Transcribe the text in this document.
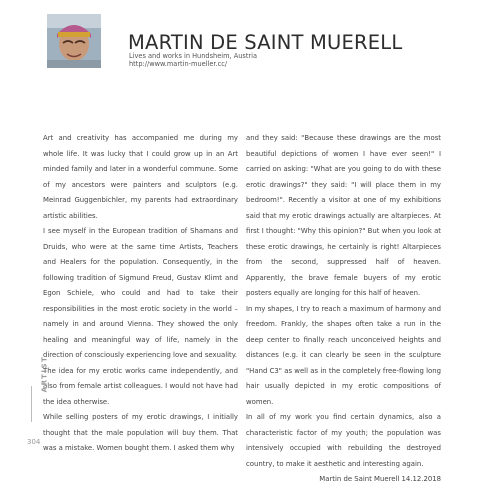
MARTIN DE SAINT MUERELL
Lives and works in Hundsheim, Austria
http://www.martin-mueller.cc/

Art and creativity has accompanied me during my whole life. It was lucky that I could grow up in an Art minded family and later in a wonderful commune. Some of my ancestors were painters and sculptors (e.g. Meinrad Guggenbichler, my parents had extraordinary artistic abilities.

I see myself in the European tradition of Shamans and Druids, who were at the same time Artists, Teachers and Healers for the population. Consequently, in the following tradition of Sigmund Freud, Gustav Klimt and Egon Schiele, who could and had to take their responsibilities in the most erotic society in the world – namely in and around Vienna. They showed the only healing and meaningful way of life, namely in the direction of consciously experiencing love and sexuality.

The idea for my erotic works came independently, and also from female artist colleagues. I would not have had the idea otherwise.

While selling posters of my erotic drawings, I initially thought that the male population will buy them. That was a mistake. Women bought them. I asked them why

and they said: "Because these drawings are the most beautiful depictions of women I have ever seen!" I carried on asking: "What are you going to do with these erotic drawings?" they said: "I will place them in my bedroom!". Recently a visitor at one of my exhibitions said that my erotic drawings actually are altarpieces. At first I thought: "Why this opinion?" But when you look at these erotic drawings, he certainly is right! Altarpieces from the second, suppressed half of heaven. Apparently, the brave female buyers of my erotic posters equally are longing for this half of heaven.

In my shapes, I try to reach a maximum of harmony and freedom. Frankly, the shapes often take a run in the deep center to finally reach unconceived heights and distances (e.g. it can clearly be seen in the sculpture "Hand C3" as well as in the completely free-flowing long hair usually depicted in my erotic compositions of women.

In all of my work you find certain dynamics, also a characteristic factor of my youth; the population was intensively occupied with rebuilding the destroyed country, to make it aesthetic and interesting again.

Martin de Saint Muerell 14.12.2018
ARTIST
304
